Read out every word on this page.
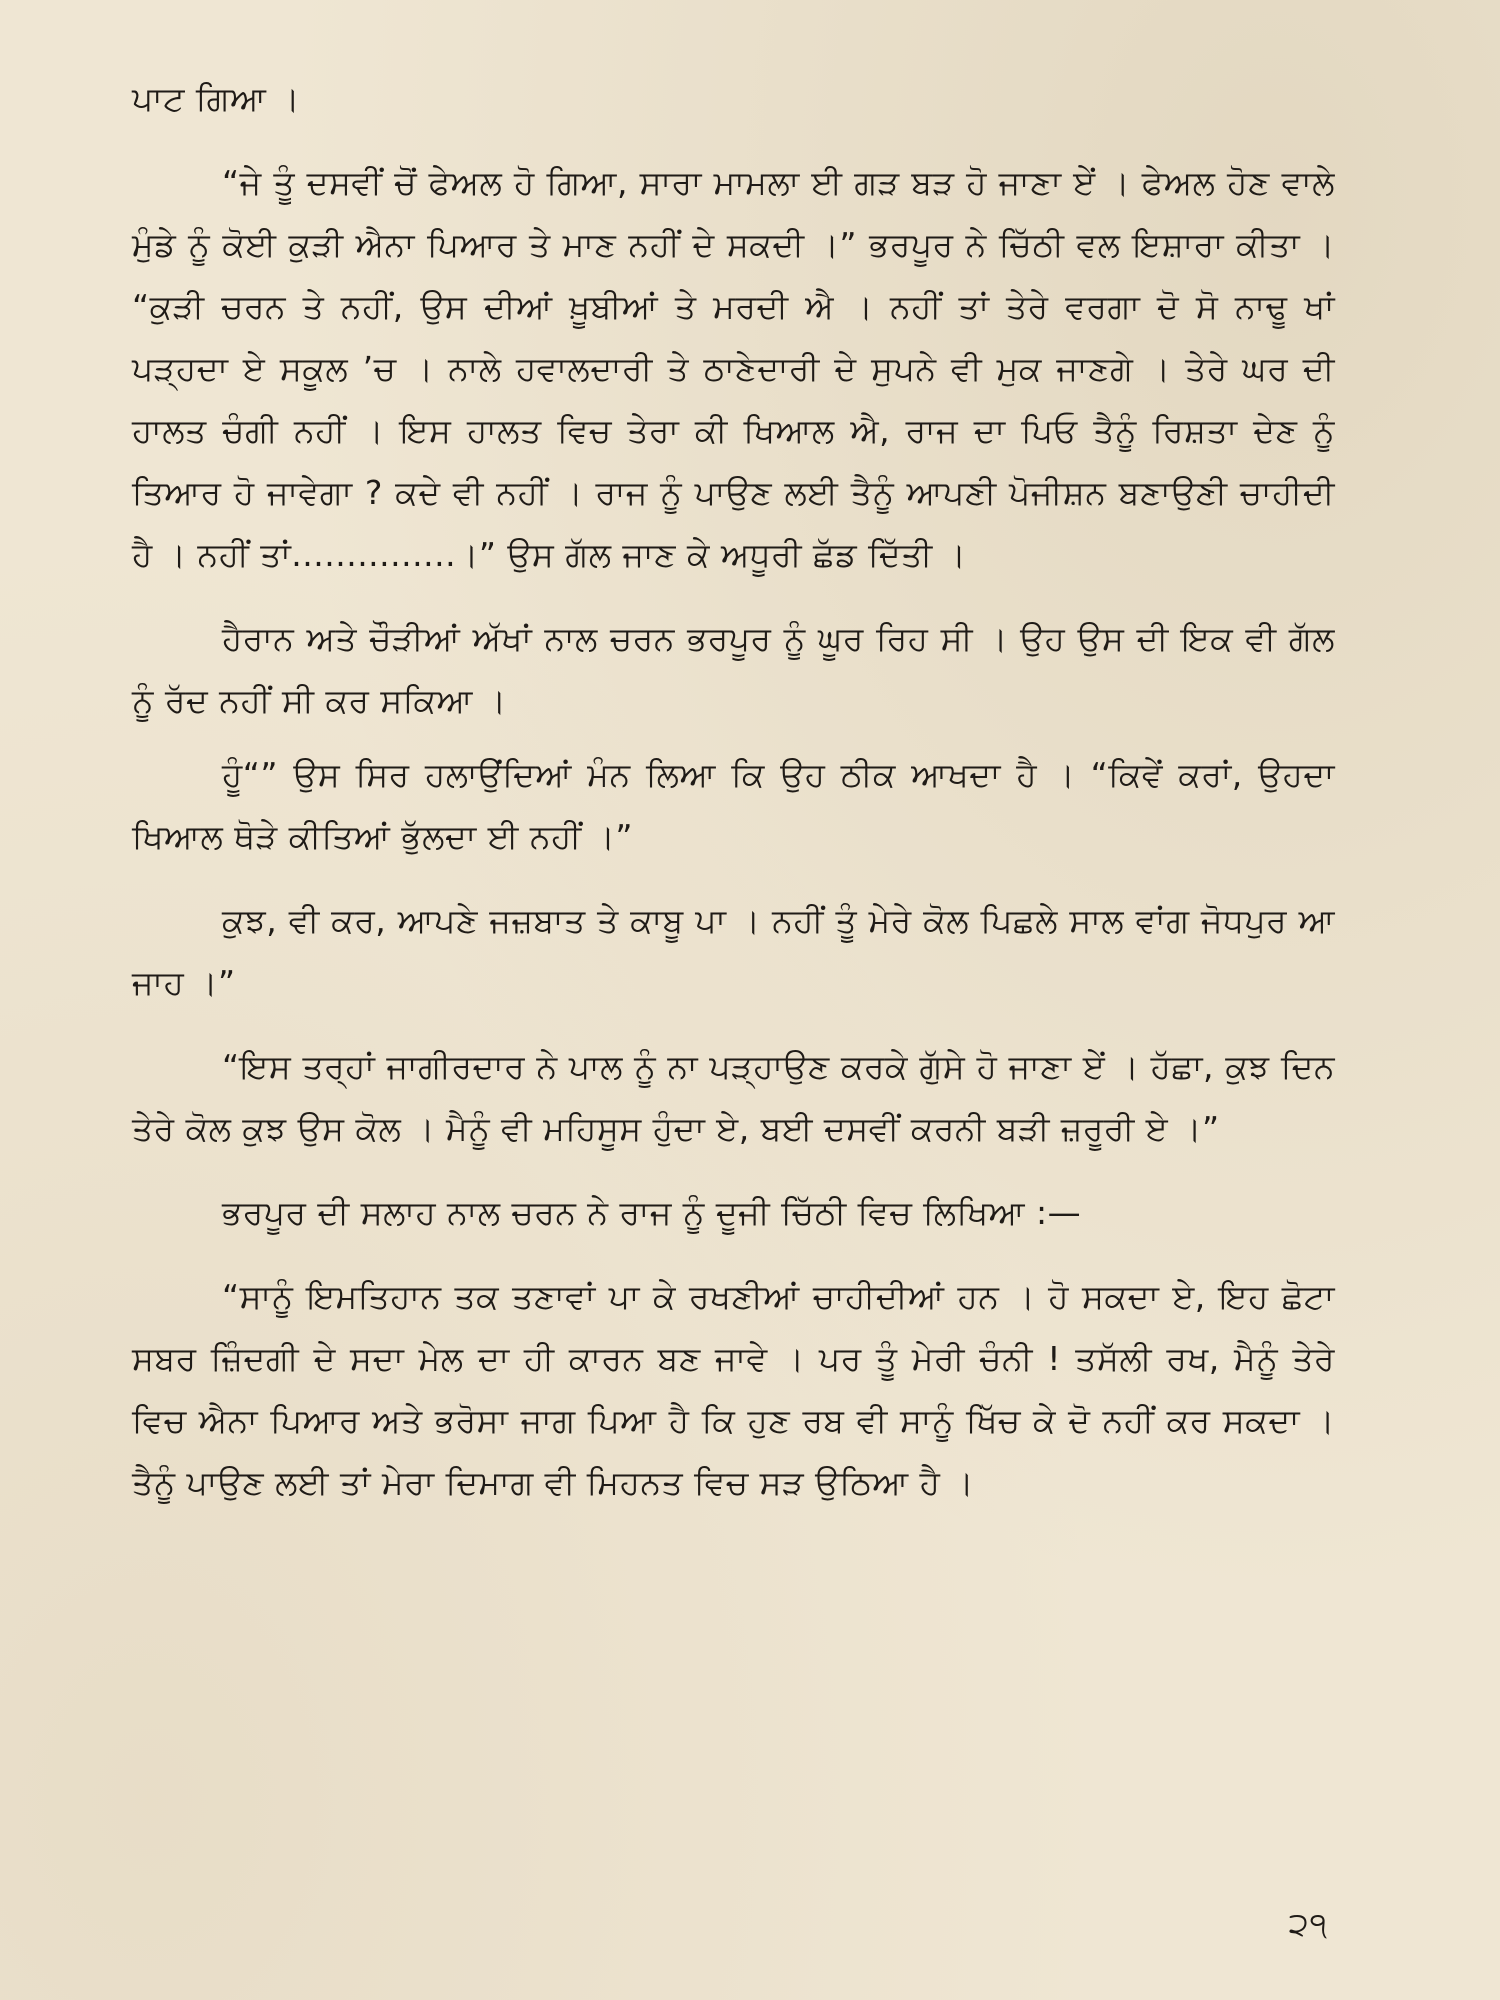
ਪਾਟ ਗਿਆ ।

“ਜੇ ਤੂੰ ਦਸਵੀਂ ਚੋਂ ਫੇਅਲ ਹੋ ਗਿਆ, ਸਾਰਾ ਮਾਮਲਾ ਈ ਗੜ ਬੜ ਹੋ ਜਾਣਾ ਏਂ । ਫੇਅਲ ਹੋਣ ਵਾਲੇ ਮੁੰਡੇ ਨੂੰ ਕੋਈ ਕੁੜੀ ਐਨਾ ਪਿਆਰ ਤੇ ਮਾਣ ਨਹੀਂ ਦੇ ਸਕਦੀ ।” ਭਰਪੂਰ ਨੇ ਚਿੱਠੀ ਵਲ ਇਸ਼ਾਰਾ ਕੀਤਾ । “ਕੁੜੀ ਚਰਨ ਤੇ ਨਹੀਂ, ਉਸ ਦੀਆਂ ਖ਼ੂਬੀਆਂ ਤੇ ਮਰਦੀ ਐ । ਨਹੀਂ ਤਾਂ ਤੇਰੇ ਵਰਗਾ ਦੋ ਸੋ ਨਾਢੂ ਖਾਂ ਪੜ੍ਹਦਾ ਏ ਸਕੂਲ ’ਚ । ਨਾਲੇ ਹਵਾਲਦਾਰੀ ਤੇ ਠਾਣੇਦਾਰੀ ਦੇ ਸੁਪਨੇ ਵੀ ਮੁਕ ਜਾਣਗੇ । ਤੇਰੇ ਘਰ ਦੀ ਹਾਲਤ ਚੰਗੀ ਨਹੀਂ । ਇਸ ਹਾਲਤ ਵਿਚ ਤੇਰਾ ਕੀ ਖਿਆਲ ਐ, ਰਾਜ ਦਾ ਪਿਓ ਤੈਨੂੰ ਰਿਸ਼ਤਾ ਦੇਣ ਨੂੰ ਤਿਆਰ ਹੋ ਜਾਵੇਗਾ ? ਕਦੇ ਵੀ ਨਹੀਂ । ਰਾਜ ਨੂੰ ਪਾਉਣ ਲਈ ਤੈਨੂੰ ਆਪਣੀ ਪੋਜੀਸ਼ਨ ਬਣਾਉਣੀ ਚਾਹੀਦੀ ਹੈ । ਨਹੀਂ ਤਾਂ...............।” ਉਸ ਗੱਲ ਜਾਣ ਕੇ ਅਧੂਰੀ ਛੱਡ ਦਿੱਤੀ ।

ਹੈਰਾਨ ਅਤੇ ਚੌੜੀਆਂ ਅੱਖਾਂ ਨਾਲ ਚਰਨ ਭਰਪੂਰ ਨੂੰ ਘੂਰ ਰਿਹ ਸੀ । ਉਹ ਉਸ ਦੀ ਇਕ ਵੀ ਗੱਲ ਨੂੰ ਰੱਦ ਨਹੀਂ ਸੀ ਕਰ ਸਕਿਆ ।

ਹੂੰ“” ਉਸ ਸਿਰ ਹਲਾਉਂਦਿਆਂ ਮੰਨ ਲਿਆ ਕਿ ਉਹ ਠੀਕ ਆਖਦਾ ਹੈ । “ਕਿਵੇਂ ਕਰਾਂ, ਉਹਦਾ ਖਿਆਲ ਥੋੜੇ ਕੀਤਿਆਂ ਭੁੱਲਦਾ ਈ ਨਹੀਂ ।”

ਕੁਝ, ਵੀ ਕਰ, ਆਪਣੇ ਜਜ਼ਬਾਤ ਤੇ ਕਾਬੂ ਪਾ । ਨਹੀਂ ਤੂੰ ਮੇਰੇ ਕੋਲ ਪਿਛਲੇ ਸਾਲ ਵਾਂਗ ਜੋਧਪੁਰ ਆ ਜਾਹ ।”

“ਇਸ ਤਰ੍ਹਾਂ ਜਾਗੀਰਦਾਰ ਨੇ ਪਾਲ ਨੂੰ ਨਾ ਪੜ੍ਹਾਉਣ ਕਰਕੇ ਗੁੱਸੇ ਹੋ ਜਾਣਾ ਏਂ । ਹੱਛਾ, ਕੁਝ ਦਿਨ ਤੇਰੇ ਕੋਲ ਕੁਝ ਉਸ ਕੋਲ । ਮੈਨੂੰ ਵੀ ਮਹਿਸੂਸ ਹੁੰਦਾ ਏ, ਬਈ ਦਸਵੀਂ ਕਰਨੀ ਬੜੀ ਜ਼ਰੂਰੀ ਏ ।”

ਭਰਪੂਰ ਦੀ ਸਲਾਹ ਨਾਲ ਚਰਨ ਨੇ ਰਾਜ ਨੂੰ ਦੂਜੀ ਚਿੱਠੀ ਵਿਚ ਲਿਖਿਆ :—

“ਸਾਨੂੰ ਇਮਤਿਹਾਨ ਤਕ ਤਣਾਵਾਂ ਪਾ ਕੇ ਰਖਣੀਆਂ ਚਾਹੀਦੀਆਂ ਹਨ । ਹੋ ਸਕਦਾ ਏ, ਇਹ ਛੋਟਾ ਸਬਰ ਜ਼ਿੰਦਗੀ ਦੇ ਸਦਾ ਮੇਲ ਦਾ ਹੀ ਕਾਰਨ ਬਣ ਜਾਵੇ । ਪਰ ਤੂੰ ਮੇਰੀ ਚੰਨੀ ! ਤਸੱਲੀ ਰਖ, ਮੈਨੂੰ ਤੇਰੇ ਵਿਚ ਐਨਾ ਪਿਆਰ ਅਤੇ ਭਰੋਸਾ ਜਾਗ ਪਿਆ ਹੈ ਕਿ ਹੁਣ ਰਬ ਵੀ ਸਾਨੂੰ ਖਿੱਚ ਕੇ ਦੋ ਨਹੀਂ ਕਰ ਸਕਦਾ । ਤੈਨੂੰ ਪਾਉਣ ਲਈ ਤਾਂ ਮੇਰਾ ਦਿਮਾਗ ਵੀ ਮਿਹਨਤ ਵਿਚ ਸੜ ਉਠਿਆ ਹੈ ।

੨੧
